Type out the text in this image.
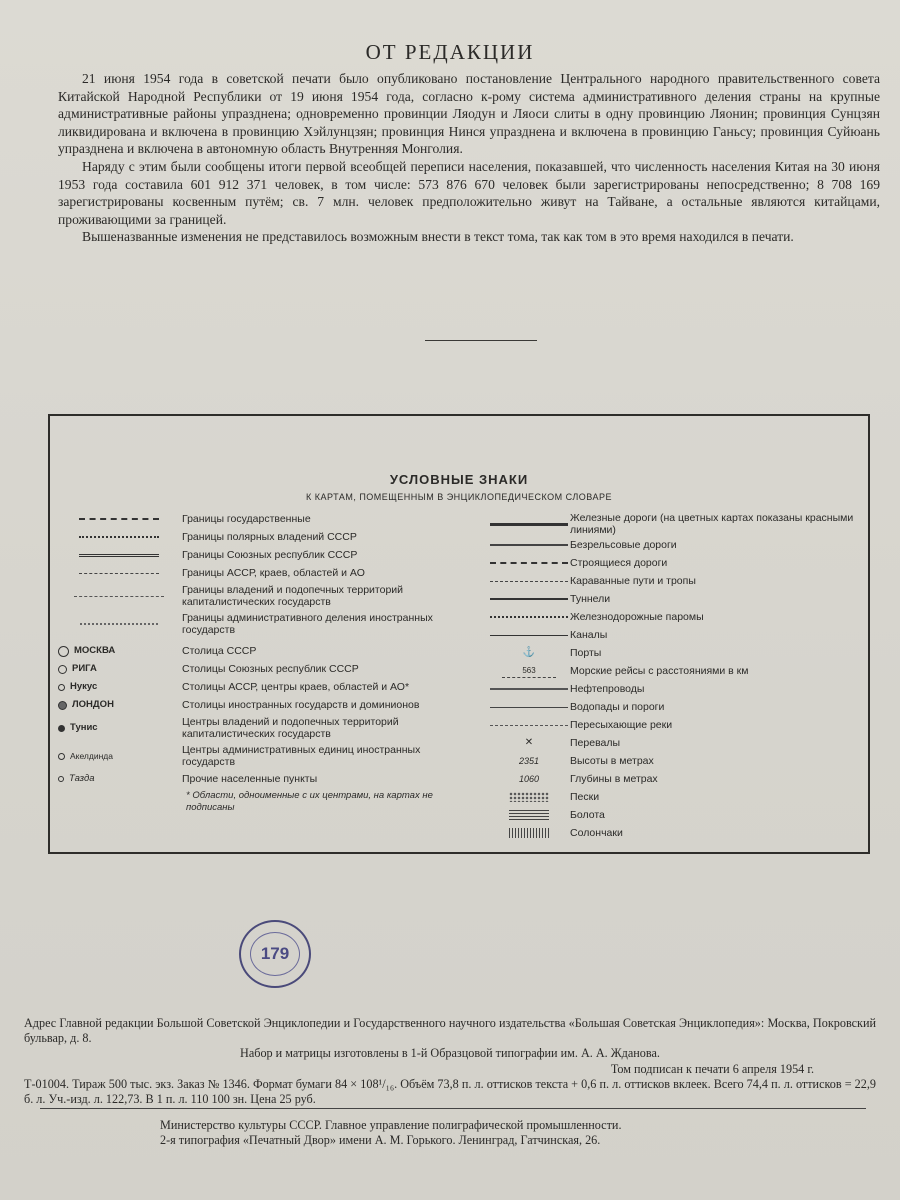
ОТ РЕДАКЦИИ

21 июня 1954 года в советской печати было опубликовано постановление Центрального народного правительственного совета Китайской Народной Республики от 19 июня 1954 года, согласно к-рому система административного деления страны на крупные административные районы упразднена; одновременно провинции Ляодун и Ляоси слиты в одну провинцию Ляонин; провинция Сунцзян ликвидирована и включена в провинцию Хэйлунцзян; провинция Нинся упразднена и включена в провинцию Ганьсу; провинция Суйюань упразднена и включена в автономную область Внутренняя Монголия.

Наряду с этим были сообщены итоги первой всеобщей переписи населения, показавшей, что численность населения Китая на 30 июня 1953 года составила 601 912 371 человек, в том числе: 573 876 670 человек были зарегистрированы непосредственно; 8 708 169 зарегистрированы косвенным путём; св. 7 млн. человек предположительно живут на Тайване, а остальные являются китайцами, проживающими за границей.

Вышеназванные изменения не представилось возможным внести в текст тома, так как том в это время находился в печати.

УСЛОВНЫЕ ЗНАКИ
К КАРТАМ, ПОМЕЩЕННЫМ В ЭНЦИКЛОПЕДИЧЕСКОМ СЛОВАРЕ
Границы государственные
Границы полярных владений СССР
Границы Союзных республик СССР
Границы АССР, краев, областей и АО
Границы владений и подопечных территорий капиталистических государств
Границы административного деления иностранных государств
МОСКВА	Столица СССР
РИГА	Столицы Союзных республик СССР
Нукус	Столицы АССР, центры краев, областей и АО*
ЛОНДОН	Столицы иностранных государств и доминионов
Тунис	Центры владений и подопечных территорий капиталистических государств
Акелдинда	Центры административных единиц иностранных государств
Тазда	Прочие населенные пункты
* Области, одноименные с их центрами, на картах не подписаны
Железные дороги (на цветных картах показаны красными линиями)
Безрельсовые дороги
Строящиеся дороги
Караванные пути и тропы
Туннели
Железнодорожные паромы
Каналы
⚓	Порты
563	Морские рейсы с расстояниями в км
Нефтепроводы
Водопады и пороги
Пересыхающие реки
✕	Перевалы
2351	Высоты в метрах
1060	Глубины в метрах
Пески
Болота
Солончаки
179
Адрес Главной редакции Большой Советской Энциклопедии и Государственного научного издательства «Большая Советская Энциклопедия»: Москва, Покровский бульвар, д. 8.
Набор и матрицы изготовлены в 1-й Образцовой типографии им. А. А. Жданова.
Том подписан к печати 6 апреля 1954 г.
Т-01004. Тираж 500 тыс. экз. Заказ № 1346. Формат бумаги 84 × 108¹/₁₆. Объём 73,8 п. л. оттисков текста + 0,6 п. л. оттисков вклеек. Всего 74,4 п. л. оттисков = 22,9 б. л. Уч.-изд. л. 122,73. В 1 п. л. 110 100 зн. Цена 25 руб.
Министерство культуры СССР. Главное управление полиграфической промышленности.
2-я типография «Печатный Двор» имени А. М. Горького. Ленинград, Гатчинская, 26.
